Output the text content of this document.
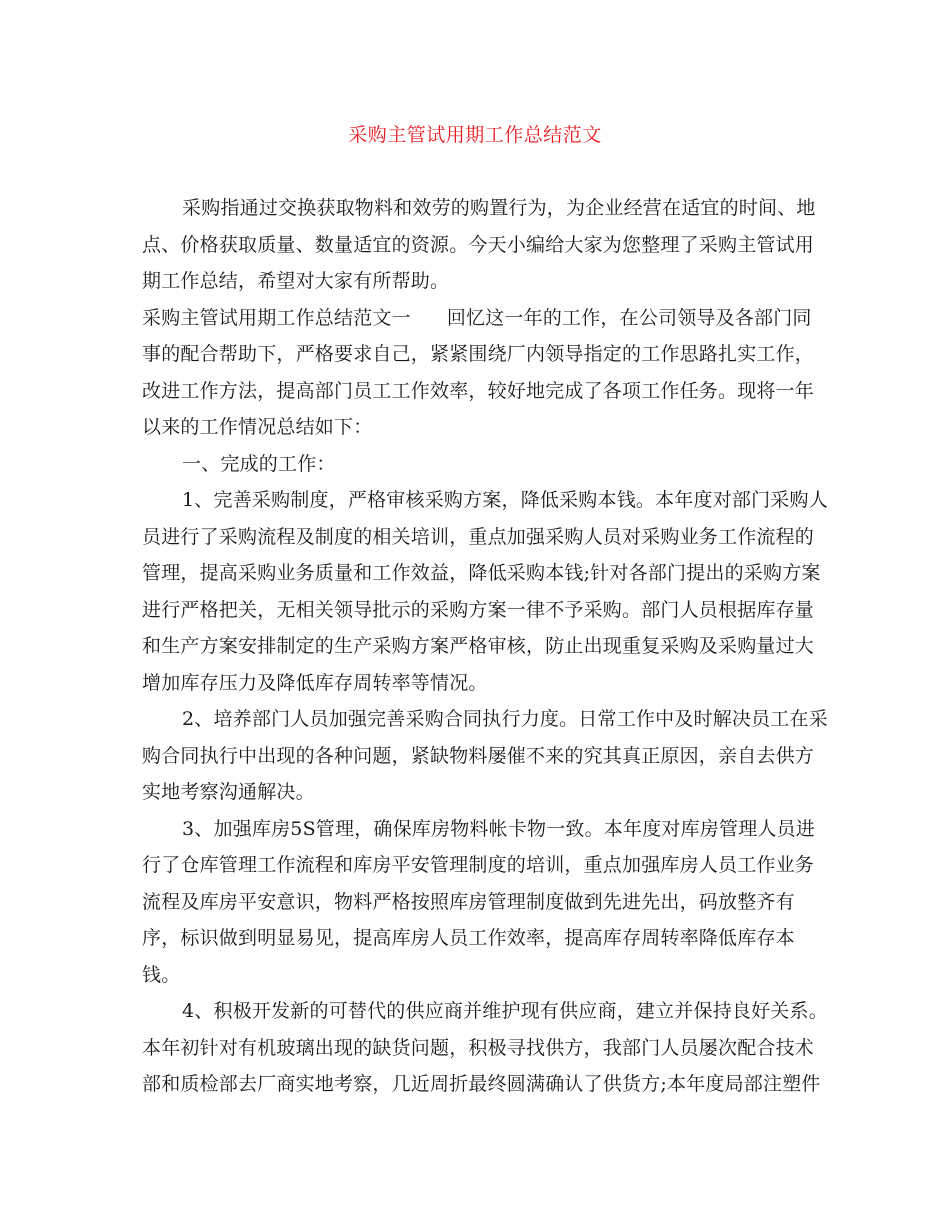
采购主管试用期工作总结范文
采购指通过交换获取物料和效劳的购置行为，为企业经营在适宜的时间、地
点、价格获取质量、数量适宜的资源。今天小编给大家为您整理了采购主管试用
期工作总结，希望对大家有所帮助。
采购主管试用期工作总结范文一 回忆这一年的工作，在公司领导及各部门同
事的配合帮助下，严格要求自己，紧紧围绕厂内领导指定的工作思路扎实工作，
改进工作方法，提高部门员工工作效率，较好地完成了各项工作任务。现将一年
以来的工作情况总结如下：
一、完成的工作：
1、完善采购制度，严格审核采购方案，降低采购本钱。本年度对部门采购人
员进行了采购流程及制度的相关培训，重点加强采购人员对采购业务工作流程的
管理，提高采购业务质量和工作效益，降低采购本钱;针对各部门提出的采购方案
进行严格把关，无相关领导批示的采购方案一律不予采购。部门人员根据库存量
和生产方案安排制定的生产采购方案严格审核，防止出现重复采购及采购量过大
增加库存压力及降低库存周转率等情况。
2、培养部门人员加强完善采购合同执行力度。日常工作中及时解决员工在采
购合同执行中出现的各种问题，紧缺物料屡催不来的究其真正原因，亲自去供方
实地考察沟通解决。
3、加强库房5S管理，确保库房物料帐卡物一致。本年度对库房管理人员进
行了仓库管理工作流程和库房平安管理制度的培训，重点加强库房人员工作业务
流程及库房平安意识，物料严格按照库房管理制度做到先进先出，码放整齐有
序，标识做到明显易见，提高库房人员工作效率，提高库存周转率降低库存本
钱。
4、积极开发新的可替代的供应商并维护现有供应商，建立并保持良好关系。
本年初针对有机玻璃出现的缺货问题，积极寻找供方，我部门人员屡次配合技术
部和质检部去厂商实地考察，几近周折最终圆满确认了供货方;本年度局部注塑件
